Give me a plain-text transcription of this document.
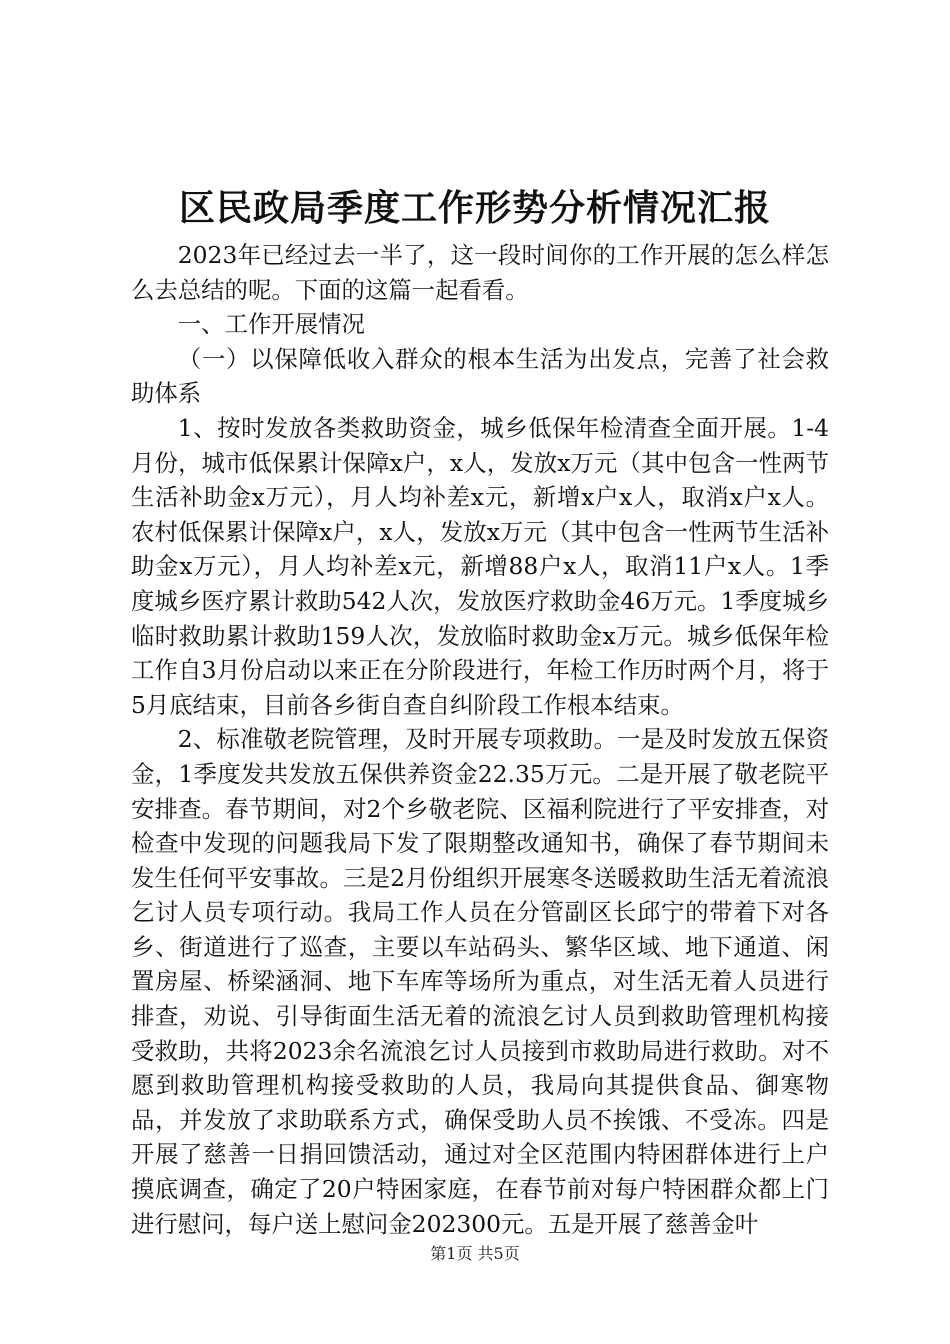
区民政局季度工作形势分析情况汇报

2023年已经过去一半了，这一段时间你的工作开展的怎么样怎么去总结的呢。下面的这篇一起看看。

一、工作开展情况

（一）以保障低收入群众的根本生活为出发点，完善了社会救助体系

1、按时发放各类救助资金，城乡低保年检清查全面开展。1-4月份，城市低保累计保障x户，x人，发放x万元（其中包含一性两节生活补助金x万元），月人均补差x元，新增x户x人，取消x户x人。农村低保累计保障x户，x人，发放x万元（其中包含一性两节生活补助金x万元），月人均补差x元，新增88户x人，取消11户x人。1季度城乡医疗累计救助542人次，发放医疗救助金46万元。1季度城乡临时救助累计救助159人次，发放临时救助金x万元。城乡低保年检工作自3月份启动以来正在分阶段进行，年检工作历时两个月，将于5月底结束，目前各乡街自查自纠阶段工作根本结束。

2、标准敬老院管理，及时开展专项救助。一是及时发放五保资金，1季度发共发放五保供养资金22.35万元。二是开展了敬老院平安排查。春节期间，对2个乡敬老院、区福利院进行了平安排查，对检查中发现的问题我局下发了限期整改通知书，确保了春节期间未发生任何平安事故。三是2月份组织开展寒冬送暖救助生活无着流浪乞讨人员专项行动。我局工作人员在分管副区长邱宁的带着下对各乡、街道进行了巡查，主要以车站码头、繁华区域、地下通道、闲置房屋、桥梁涵洞、地下车库等场所为重点，对生活无着人员进行排查，劝说、引导街面生活无着的流浪乞讨人员到救助管理机构接受救助，共将2023余名流浪乞讨人员接到市救助局进行救助。对不愿到救助管理机构接受救助的人员，我局向其提供食品、御寒物品，并发放了求助联系方式，确保受助人员不挨饿、不受冻。四是开展了慈善一日捐回馈活动，通过对全区范围内特困群体进行上户摸底调查，确定了20户特困家庭，在春节前对每户特困群众都上门进行慰问，每户送上慰问金202300元。五是开展了慈善金叶

第1页 共5页
